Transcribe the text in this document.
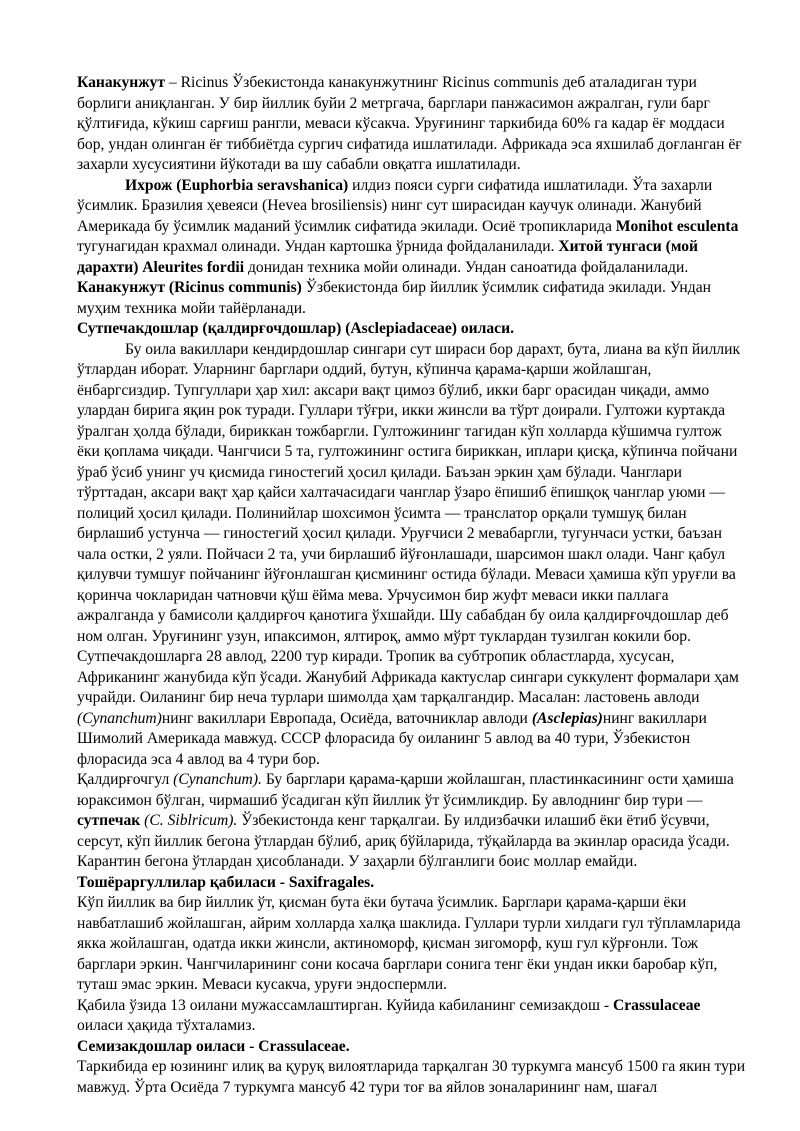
Канакунжут – Ricinus Ўзбекистонда канакунжутнинг Ricinus communis деб аталадиган тури борлиги аниқланган. У бир йиллик буйи 2 метргача, барглари панжасимон ажралган, гули барг қўлтиғида, кўкиш сарғиш рангли, меваси кўсакча. Уруғининг таркибида 60% га кадар ёғ моддаси бор, ундан олинган ёғ тиббиётда сургич сифатида ишлатилади. Африкада эса яхшилаб доғланган ёғ захарли хусусиятини йўкотади ва шу сабабли овқатга ишлатилади.

Ихрож (Euphorbia seravshanica) илдиз пояси сурги сифатида ишлатилади. Ўта захарли ўсимлик. Бразилия ҳевеяси (Hevea brosiliensis) нинг сут ширасидан каучук олинади. Жанубий Америкада бу ўсимлик маданий ўсимлик сифатида экилади. Осиё тропикларида Monihot esculenta тугунагидан крахмал олинади. Ундан картошка ўрнида фойдаланилади. Хитой тунгаси (мой дарахти) Aleurites fordii донидан техника мойи олинади. Ундан саноатида фойдаланилади. Канакунжут (Ricinus communis) Ўзбекистонда бир йиллик ўсимлик сифатида экилади. Ундан муҳим техника мойи тайёрланади.

Сутпечакдошлар (қалдирғочдошлар) (Asclepiadaceae) оиласи.

Бу оила вакиллари кендирдошлар сингари сут шираси бор дарахт, бута, лиана ва кўп йиллик ўтлардан иборат. Уларнинг барглари оддий, бутун, кўпинча қарама-қарши жойлашган, ёнбаргсиздир. Тупгуллари ҳар хил: аксари вақт цимоз бўлиб, икки барг орасидан чиқади, аммо улардан бирига яқин рок туради. Гуллари тўғри, икки жинсли ва тўрт доирали. Гултожи куртакда ўралган ҳолда бўлади, бириккан тожбаргли. Гултожининг тагидан кўп холларда кўшимча гултож ёки қоплама чиқади. Чангчиси 5 та, гултожининг остига бириккан, иплари қисқа, кўпинча пойчани ўраб ўсиб унинг уч қисмида гиностегий ҳосил қилади. Баъзан эркин ҳам бўлади. Чанглари тўрттадан, аксари вақт ҳар қайси халтачасидаги чанглар ўзаро ёпишиб ёпишқоқ чанглар уюми — полиций ҳосил қилади. Полинийлар шохсимон ўсимта — транслатор орқали тумшуқ билан бирлашиб устунча — гиностегий ҳосил қилади. Уруғчиси 2 мевабаргли, тугунчаси устки, баъзан чала остки, 2 уяли. Пойчаси 2 та, учи бирлашиб йўғонлашади, шарсимон шакл олади. Чанг қабул қилувчи тумшуғ пойчанинг йўғонлашган қисмининг остида бўлади. Меваси ҳамиша кўп уруғли ва қоринча чокларидан чатновчи қўш ёйма мева. Урчусимон бир жуфт меваси икки паллага ажралганда у бамисоли қалдирғоч қанотига ўхшайди. Шу сабабдан бу оила қалдирғочдошлар деб ном олган. Уруғининг узун, ипаксимон, ялтироқ, аммо мўрт туклардан тузилган кокили бор.

Сутпечакдошларга 28 авлод, 2200 тур киради. Тропик ва субтропик областларда, хусусан, Африканинг жанубида кўп ўсади. Жанубий Африкада кактуслар сингари суккулент формалари ҳам учрайди. Оиланинг бир неча турлари шимолда ҳам тарқалгандир. Масалан: ластовень авлоди (Cynanchum)нинг вакиллари Европада, Осиёда, ваточниклар авлоди (Asclepias)нинг вакиллари Шимолий Америкада мавжуд. СССР флорасида бу оиланинг 5 авлод ва 40 тури, Ўзбекистон флорасида эса 4 авлод ва 4 тури бор.

Қалдирғочгул (Cynanchum). Бу барглари қарама-қарши жойлашган, пластинкасининг ости ҳамиша юраксимон бўлган, чирмашиб ўсадиган кўп йиллик ўт ўсимликдир. Бу авлоднинг бир тури — сутпечак (C. Siblricum). Ўзбекистонда кенг тарқалгаи. Бу илдизбачки илашиб ёки ётиб ўсувчи, серсут, кўп йиллик бегона ўтлардан бўлиб, ариқ бўйларида, тўқайларда ва экинлар орасида ўсади. Карантин бегона ўтлардан ҳисобланади. У заҳарли бўлганлиги боис моллар емайди.

Тошёраргуллилар қабиласи - Saxifragales.

Кўп йиллик ва бир йиллик ўт, қисман бута ёки бутача ўсимлик. Барглари қарама-қарши ёки навбатлашиб жойлашган, айрим холларда халқа шаклида. Гуллари турли хилдаги гул тўпламларида якка жойлашган, одатда икки жинсли, актиноморф, қисман зигоморф, куш гул кўрғонли. Тож барглари эркин. Чангчиларининг сони косача барглари сонига тенг ёки ундан икки баробар кўп, туташ эмас эркин. Меваси кусакча, уруғи эндоспермли.

Қабила ўзида 13 оилани мужассамлаштирган. Куйида кабиланинг семизакдош - Crassulaceae оиласи ҳақида тўхталамиз.

Семизакдошлар оиласи - Crassulaceae.

Таркибида ер юзининг илиқ ва қуруқ вилоятларида тарқалган 30 туркумга мансуб 1500 га якин тури мавжуд. Ўрта Осиёда 7 туркумга мансуб 42 тури тоғ ва яйлов зоналарининг нам, шағал
